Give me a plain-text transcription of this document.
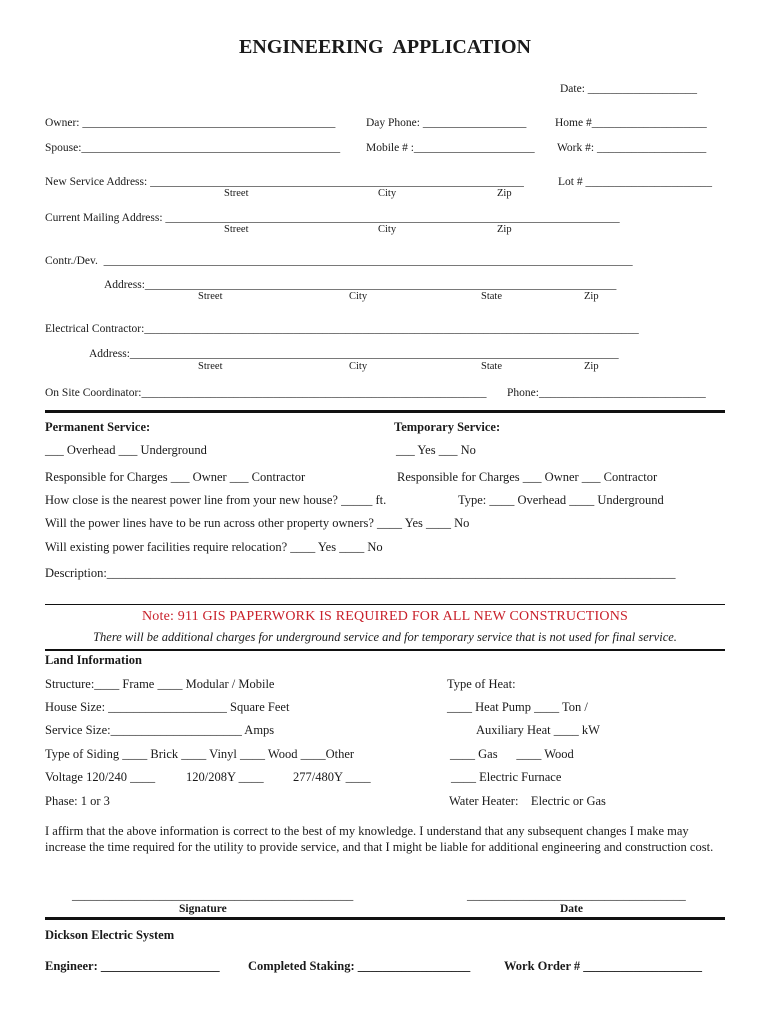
ENGINEERING  APPLICATION
Date: ___________________
Owner: ____________________________________________	Day Phone: __________________ Home #____________________
Spouse:_____________________________________________ Mobile # :_____________________ Work #: ___________________
New Service Address: _________________________________________________________________	Lot # ______________________
Street	City	Zip
Current Mailing Address: _______________________________________________________________________________
Street	City	Zip
Contr./Dev.  ____________________________________________________________________________________________
Address:__________________________________________________________________________________
Street	City	State	Zip
Electrical Contractor:______________________________________________________________________________________
Address:_____________________________________________________________________________________
Street	City	State	Zip
On Site Coordinator:____________________________________________________________ Phone:_____________________________
Permanent Service:	Temporary Service:
___ Overhead ___ Underground	___ Yes ___ No
Responsible for Charges ___ Owner ___ Contractor	Responsible for Charges ___ Owner ___ Contractor
How close is the nearest power line from your new house? _____ ft.	Type: ____ Overhead ____ Underground
Will the power lines have to be run across other property owners? ____ Yes ____ No
Will existing power facilities require relocation? ____ Yes ____ No
Description:___________________________________________________________________________________________
Note: 911 GIS PAPERWORK IS REQUIRED FOR ALL NEW CONSTRUCTIONS
There will be additional charges for underground service and for temporary service that is not used for final service.
Land Information
Structure:____ Frame ____ Modular / Mobile	Type of Heat:
House Size: ___________________ Square Feet	____ Heat Pump ____ Ton /
Service Size:_____________________ Amps	Auxiliary Heat ____ kW
Type of Siding ____ Brick ____ Vinyl ____ Wood ____Other	____ Gas      ____ Wood
Voltage 120/240 ____ 120/208Y ____ 277/480Y ____	____ Electric Furnace
Phase: 1 or 3	Water Heater:    Electric or Gas
I affirm that the above information is correct to the best of my knowledge. I understand that any subsequent changes I make may increase the time required for the utility to provide service, and that I might be liable for additional engineering and construction cost.
_____________________________________________
Signature
___________________________________
Date
Dickson Electric System
Engineer: ___________________ Completed Staking: __________________	Work Order # ___________________
